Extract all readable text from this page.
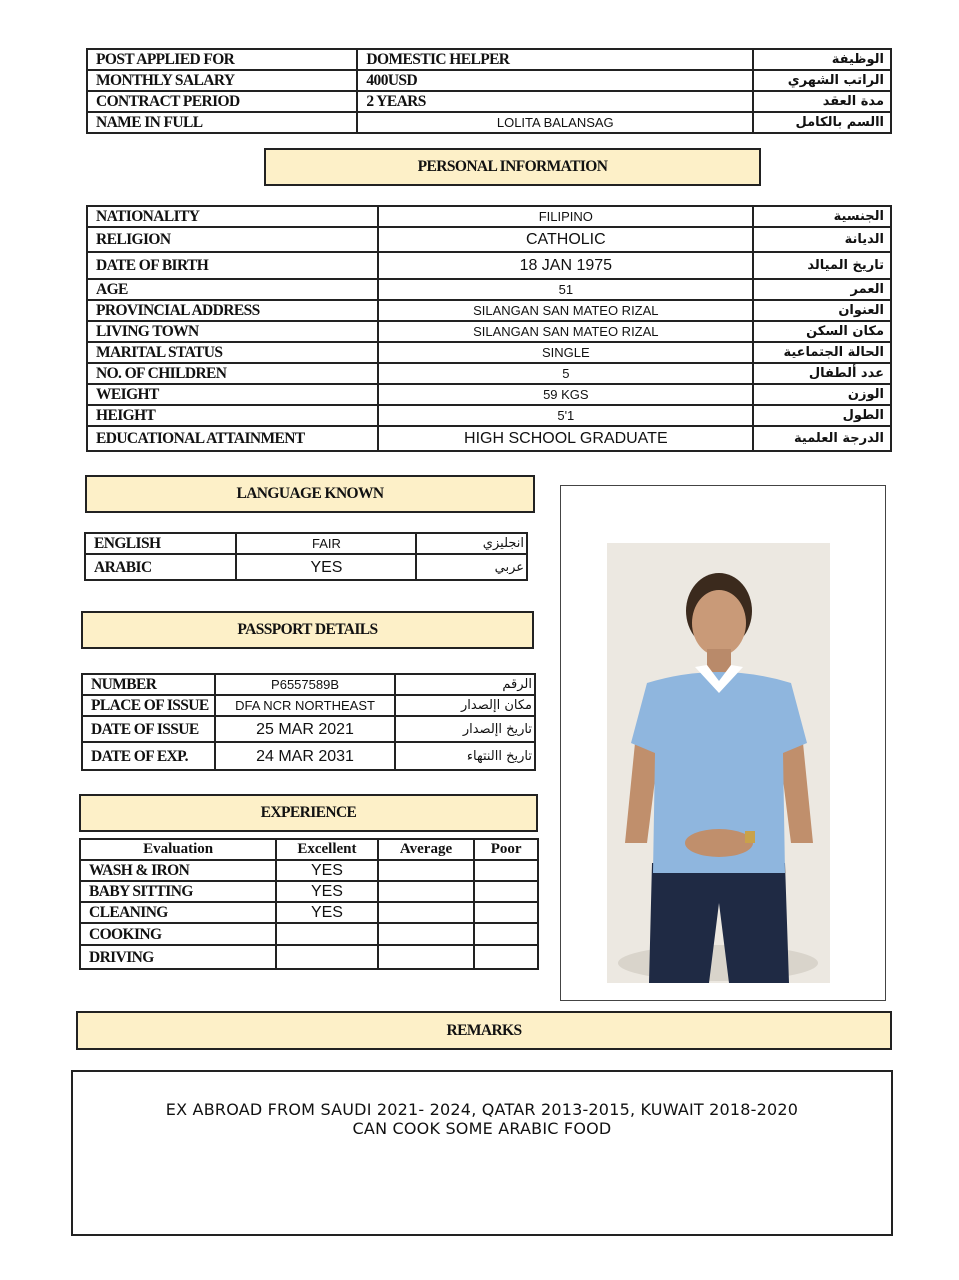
POST APPLIED FOR	DOMESTIC HELPER	الوظيفة
MONTHLY SALARY	400USD	الراتب الشهري
CONTRACT PERIOD	2 YEARS	مدة العقد
NAME IN FULL	LOLITA BALANSAG	االسم بالكامل
PERSONAL INFORMATION
NATIONALITY	FILIPINO	الجنسية
RELIGION	CATHOLIC	الديانة
DATE OF BIRTH	18 JAN 1975	تاريخ الميالد
AGE	51	العمر
PROVINCIAL ADDRESS	SILANGAN SAN MATEO RIZAL	العنوان
LIVING TOWN	SILANGAN SAN MATEO RIZAL	مكان السكن
MARITAL STATUS	SINGLE	الحالة الجتماعية
NO. OF CHILDREN	5	عدد ألطفال
WEIGHT	59 KGS	الوزن
HEIGHT	5'1	الطول
EDUCATIONAL ATTAINMENT	HIGH SCHOOL GRADUATE	الدرجة العلمية
LANGUAGE KNOWN
ENGLISH	FAIR	انجليزي
ARABIC	YES	عربي
PASSPORT DETAILS
NUMBER	P6557589B	الرقم
PLACE OF ISSUE	DFA NCR NORTHEAST	مكان اإلصدار
DATE OF ISSUE	25 MAR 2021	تاريخ اإلصدار
DATE OF EXP.	24 MAR 2031	تاريخ االنتهاء
EXPERIENCE
Evaluation	Excellent	Average	Poor
WASH & IRON	YES		
BABY SITTING	YES		
CLEANING	YES		
COOKING			
DRIVING			
REMARKS
EX ABROAD FROM SAUDI 2021- 2024, QATAR 2013-2015, KUWAIT 2018-2020
CAN COOK SOME ARABIC FOOD
